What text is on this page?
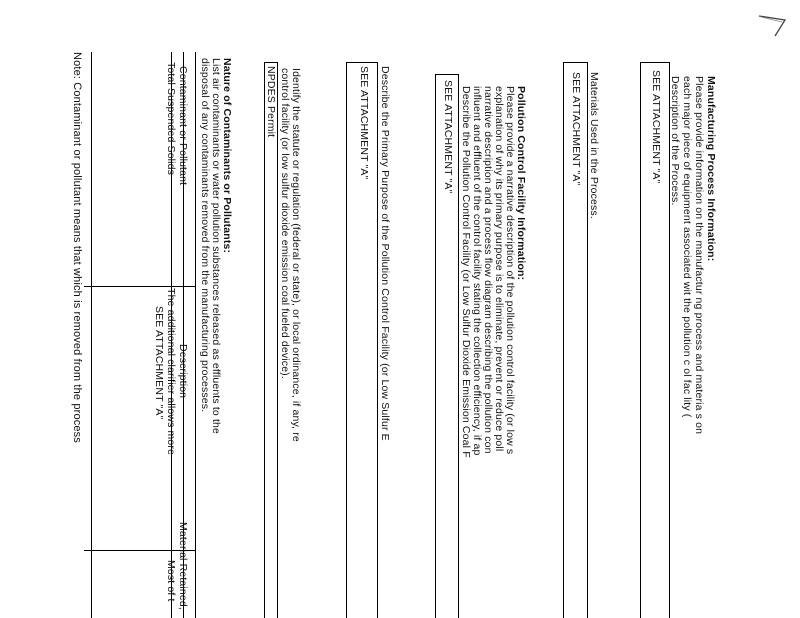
Manufacturing Process Information:
Please provide information on the manufactur ng process and materia s on
each major piece of equipment associated wit the pollution c ol fac lity (
Description of the Process.
SEE ATTACHMENT "A"
Materials Used in the Process.
SEE ATTACHMENT "A"
Pollution Control Facility Information:
Please provide a narrative description of the pollution control facility (or low s
explanation of why its primary purpose is to eliminate, prevent or reduce poll
narrative description and a process flow diagram describing the pollution con
influent and effluent of the control facility stating the collection efficiency, if ap
Describe the Pollution Control Facility (or Low Sulfur Dioxide Emission Coal F
SEE ATTACHMENT "A"
Describe the Primary Purpose of the Pollution Control Facility (or Low Sulfur E
SEE ATTACHMENT "A"
Identify the statute or regulation (federal or state), or local ordinance, if any, re
control facility (or low sulfur dioxide emission coal fueled device).
NPDES Permit
Nature of Contaminants or Pollutants:
List air contaminants or water pollution substances released as effluents to the
disposal of any contaminants removed from the manufacturing processes.
Contaminant or Pollutant
Description
Material Retained,
Total Suspended Solids
The additional clarifier allows more
Most of t
SEE ATTACHMENT "A"
Note: Contaminant or pollutant means that which is removed from the process
